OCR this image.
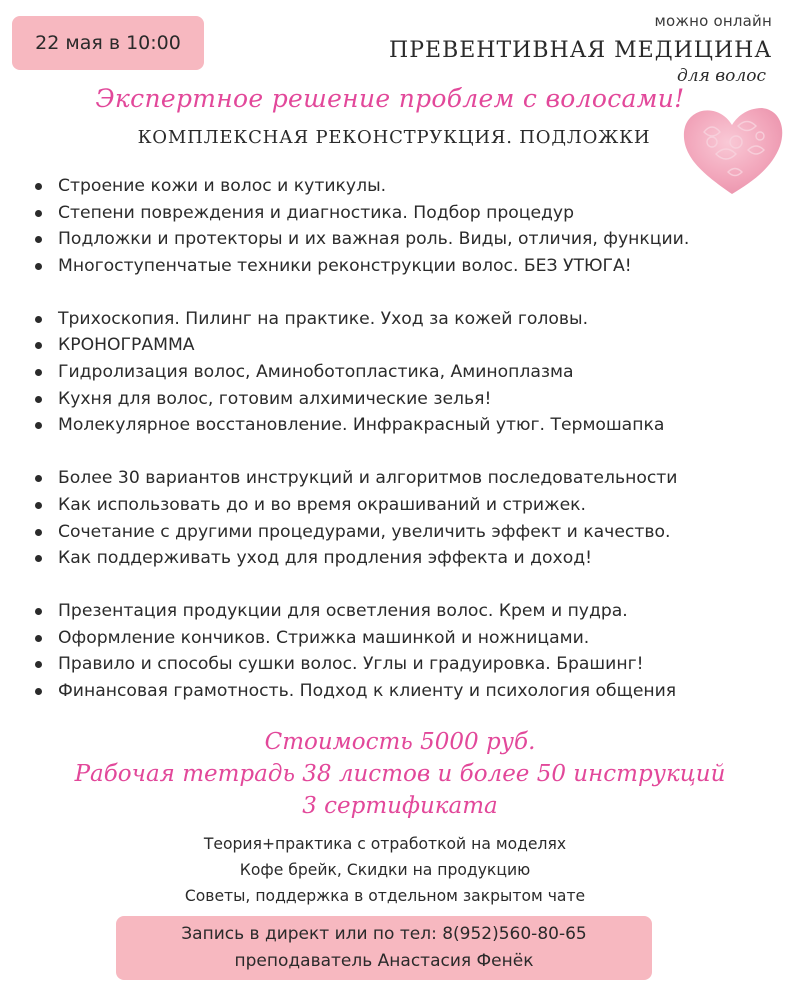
22 мая в 10:00
можно онлайн
ПРЕВЕНТИВНАЯ МЕДИЦИНА
для волос
Экспертное решение проблем с волосами!
КОМПЛЕКСНАЯ РЕКОНСТРУКЦИЯ. ПОДЛОЖКИ
Строение кожи и волос и кутикулы.
Степени повреждения и диагностика. Подбор процедур
Подложки и протекторы и их важная роль. Виды, отличия, функции.
Многоступенчатые техники реконструкции волос. БЕЗ УТЮГА!
Трихоскопия. Пилинг на практике. Уход за кожей головы.
КРОНОГРАММА
Гидролизация волос, Аминоботопластика, Аминоплазма
Кухня для волос, готовим алхимические зелья!
Молекулярное восстановление. Инфракрасный утюг. Термошапка
Более 30 вариантов инструкций и алгоритмов последовательности
Как использовать до и во время окрашиваний и стрижек.
Сочетание с другими процедурами, увеличить эффект и качество.
Как поддерживать уход для продления эффекта и доход!
Презентация продукции для осветления волос. Крем и пудра.
Оформление кончиков. Стрижка машинкой и ножницами.
Правило и способы сушки волос. Углы и градуировка. Брашинг!
Финансовая грамотность. Подход к клиенту и психология общения
Стоимость 5000 руб.
Рабочая тетрадь 38 листов и более 50 инструкций
3 сертификата
Теория+практика с отработкой на моделях
Кофе брейк, Скидки на продукцию
Советы, поддержка в отдельном закрытом чате
Запись в директ или по тел: 8(952)560-80-65
преподаватель Анастасия Фенёк
